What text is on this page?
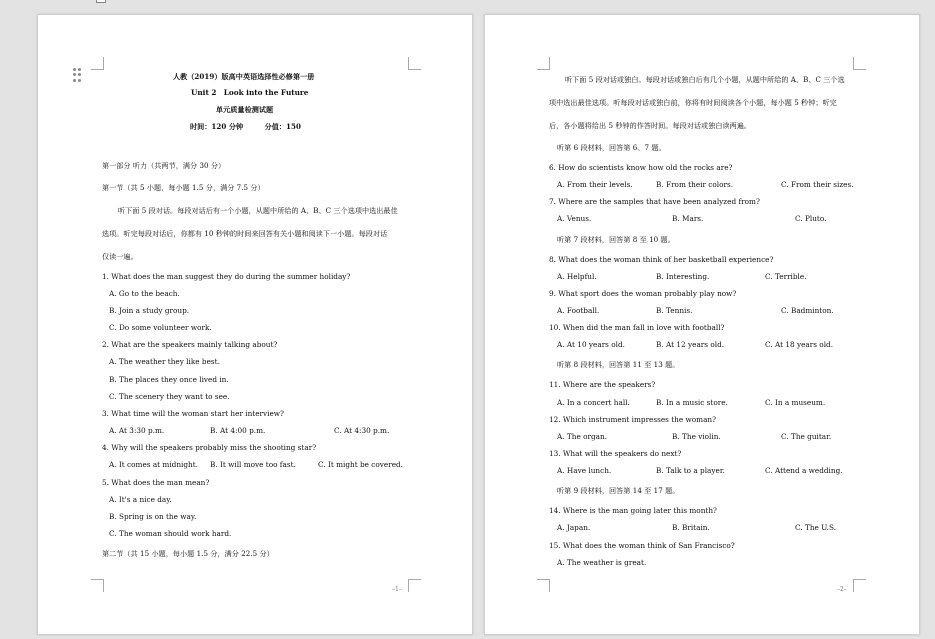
人教（2019）版高中英语选择性必修第一册
Unit 2　Look into the Future
单元质量检测试题
时间：120 分钟　　　分值：150
第一部分 听力（共两节，满分 30 分）
第一节（共 5 小题，每小题 1.5 分，满分 7.5 分）
听下面 5 段对话。每段对话后有一个小题，从题中所给的 A、B、C 三个选项中选出最佳
选项。听完每段对话后，你都有 10 秒钟的时间来回答有关小题和阅读下一小题。每段对话
仅读一遍。
1. What does the man suggest they do during the summer holiday?
A. Go to the beach.
B. Join a study group.
C. Do some volunteer work.
2. What are the speakers mainly talking about?
A. The weather they like best.
B. The places they once lived in.
C. The scenery they want to see.
3. What time will the woman start her interview?
A. At 3:30 p.m.	B. At 4:00 p.m.	C. At 4:30 p.m.
4. Why will the speakers probably miss the shooting star?
A. It comes at midnight. B. It will move too fast.	C. It might be covered.
5. What does the man mean?
A. It's a nice day.
B. Spring is on the way.
C. The woman should work hard.
第二节（共 15 小题，每小题 1.5 分，满分 22.5 分）
–1–
听下面 5 段对话或独白。每段对话或独白后有几个小题，从题中所给的 A、B、C 三个选
项中选出最佳选项。听每段对话或独白前，你将有时间阅读各个小题，每小题 5 秒钟；听完
后，各小题将给出 5 秒钟的作答时间。每段对话或独白读两遍。
听第 6 段材料，回答第 6、7 题。
6. How do scientists know how old the rocks are?
A. From their levels.	B. From their colors.	C. From their sizes.
7. Where are the samples that have been analyzed from?
A. Venus.	B. Mars.	C. Pluto.
听第 7 段材料，回答第 8 至 10 题。
8. What does the woman think of her basketball experience?
A. Helpful.	B. Interesting.	C. Terrible.
9. What sport does the woman probably play now?
A. Football.	B. Tennis.	C. Badminton.
10. When did the man fall in love with football?
A. At 10 years old.	B. At 12 years old.	C. At 18 years old.
听第 8 段材料，回答第 11 至 13 题。
11. Where are the speakers?
A. In a concert hall.	B. In a music store.	C. In a museum.
12. Which instrument impresses the woman?
A. The organ.	B. The violin.	C. The guitar.
13. What will the speakers do next?
A. Have lunch.	B. Talk to a player.	C. Attend a wedding.
听第 9 段材料，回答第 14 至 17 题。
14. Where is the man going later this month?
A. Japan.	B. Britain.	C. The U.S.
15. What does the woman think of San Francisco?
A. The weather is great.
–2–
